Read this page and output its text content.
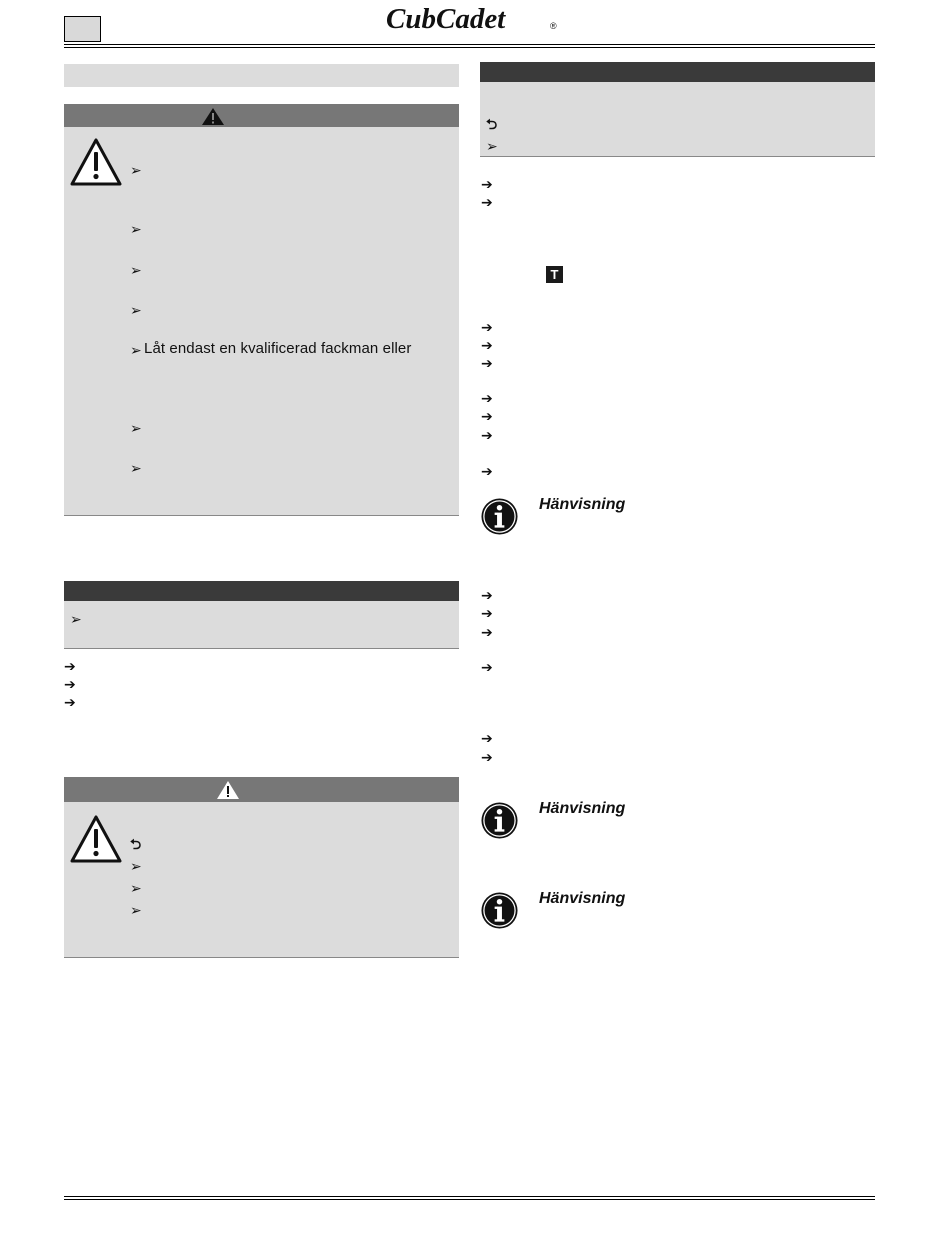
CubCadet	®
➢
➢
➢
➢
➢ Låt endast en kvalificerad fackman eller
➢
➢
➢
➔
➔
➔
⮌
➢
➢
➢
⮌
➢
➔
➔
T
➔
➔
➔
➔
➔
➔
➔
Hänvisning
➔
➔
➔
➔
➔
➔
Hänvisning
Hänvisning
